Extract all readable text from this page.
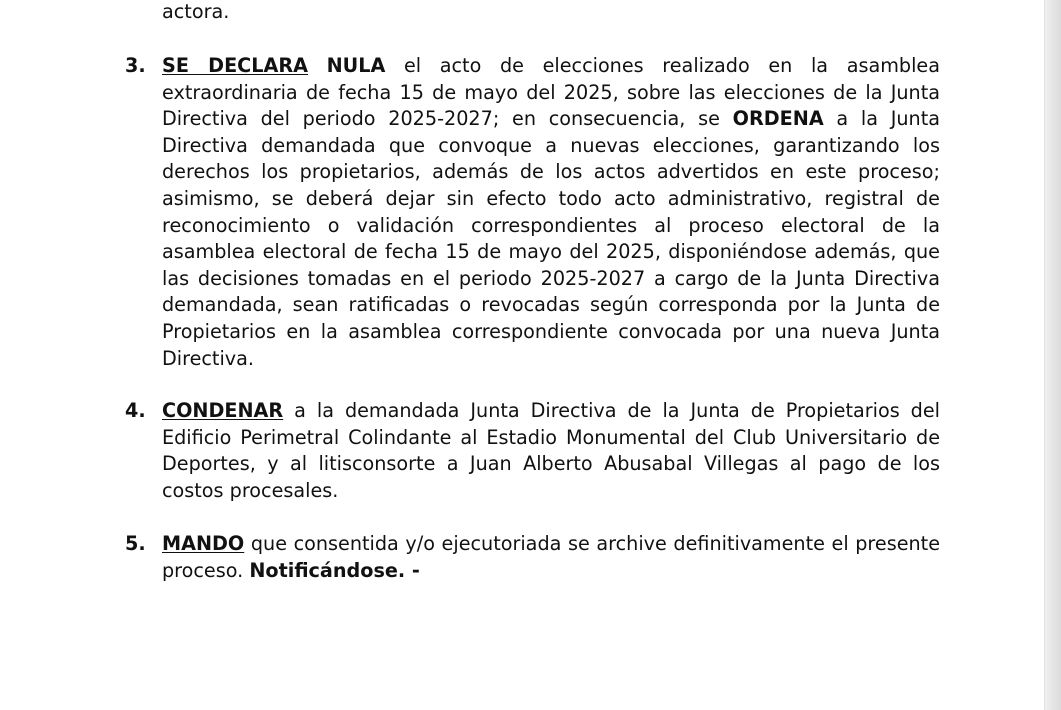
actora.
3. SE DECLARA NULA el acto de elecciones realizado en la asamblea extraordinaria de fecha 15 de mayo del 2025, sobre las elecciones de la Junta Directiva del periodo 2025-2027; en consecuencia, se ORDENA a la Junta Directiva demandada que convoque a nuevas elecciones, garantizando los derechos los propietarios, además de los actos advertidos en este proceso; asimismo, se deberá dejar sin efecto todo acto administrativo, registral de reconocimiento o validación correspondientes al proceso electoral de la asamblea electoral de fecha 15 de mayo del 2025, disponiéndose además, que las decisiones tomadas en el periodo 2025-2027 a cargo de la Junta Directiva demandada, sean ratificadas o revocadas según corresponda por la Junta de Propietarios en la asamblea correspondiente convocada por una nueva Junta Directiva.
4. CONDENAR a la demandada Junta Directiva de la Junta de Propietarios del Edificio Perimetral Colindante al Estadio Monumental del Club Universitario de Deportes, y al litisconsorte a Juan Alberto Abusabal Villegas al pago de los costos procesales.
5. MANDO que consentida y/o ejecutoriada se archive definitivamente el presente proceso. Notificándose. -
